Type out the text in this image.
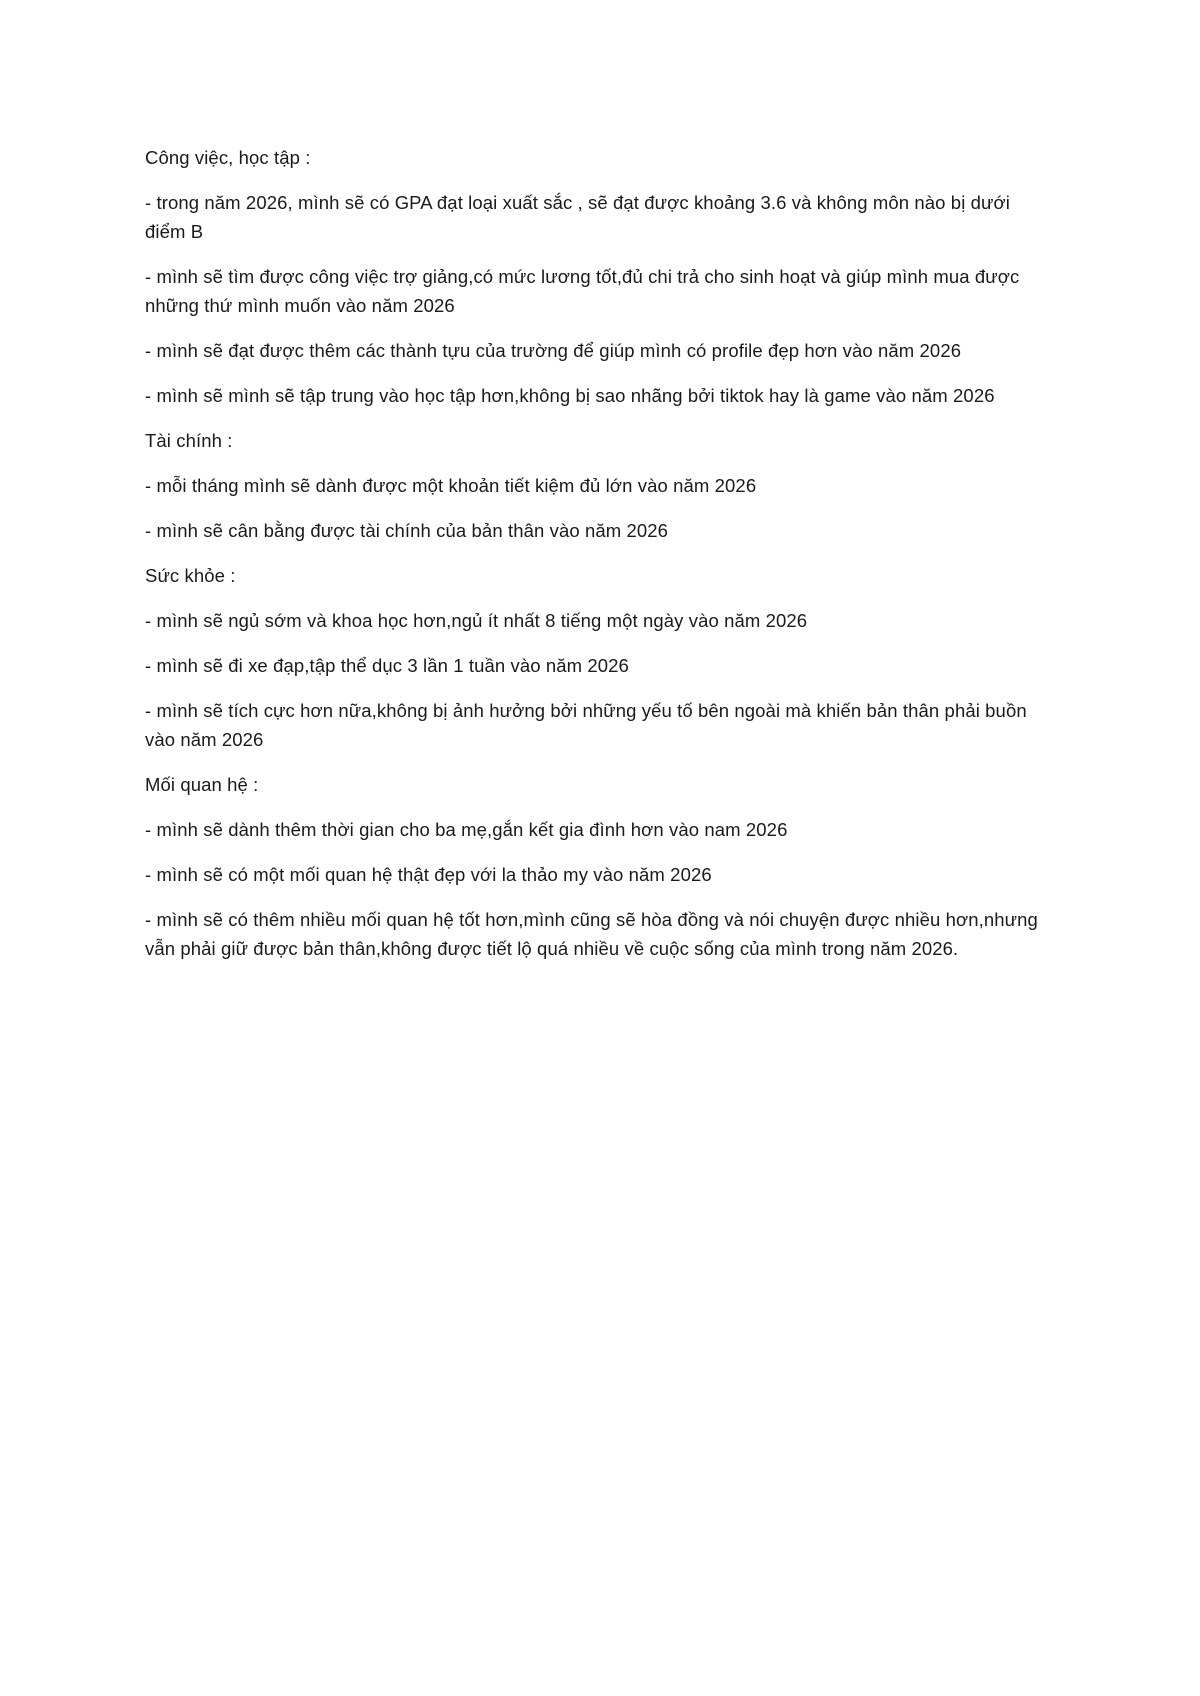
Công việc, học tập :

- trong năm 2026, mình sẽ có GPA đạt loại xuất sắc , sẽ đạt được khoảng 3.6 và không môn nào bị dưới điểm B

- mình sẽ tìm được công việc trợ giảng,có mức lương tốt,đủ chi trả cho sinh hoạt và giúp mình mua được những thứ mình muốn vào năm 2026

- mình sẽ đạt được thêm các thành tựu của trường để giúp mình có profile đẹp hơn vào năm 2026

- mình sẽ mình sẽ tập trung vào học tập hơn,không bị sao nhãng bởi tiktok hay là game vào năm 2026

Tài chính :

- mỗi tháng mình sẽ dành được một khoản tiết kiệm đủ lớn vào năm 2026

- mình sẽ cân bằng được tài chính của bản thân vào năm 2026

Sức khỏe :

- mình sẽ ngủ sớm và khoa học hơn,ngủ ít nhất 8 tiếng một ngày vào năm 2026

- mình sẽ đi xe đạp,tập thể dục 3 lần 1 tuần vào năm 2026

- mình sẽ tích cực hơn nữa,không bị ảnh hưởng bởi những yếu tố bên ngoài mà khiến bản thân phải buồn vào năm 2026

Mối quan hệ :

- mình sẽ dành thêm thời gian cho ba mẹ,gắn kết gia đình hơn vào nam 2026

- mình sẽ có một mối quan hệ thật đẹp với la thảo my vào năm 2026

- mình sẽ có thêm nhiều mối quan hệ tốt hơn,mình cũng sẽ hòa đồng và nói chuyện được nhiều hơn,nhưng vẫn phải giữ được bản thân,không được tiết lộ quá nhiều về cuộc sống của mình trong năm 2026.
